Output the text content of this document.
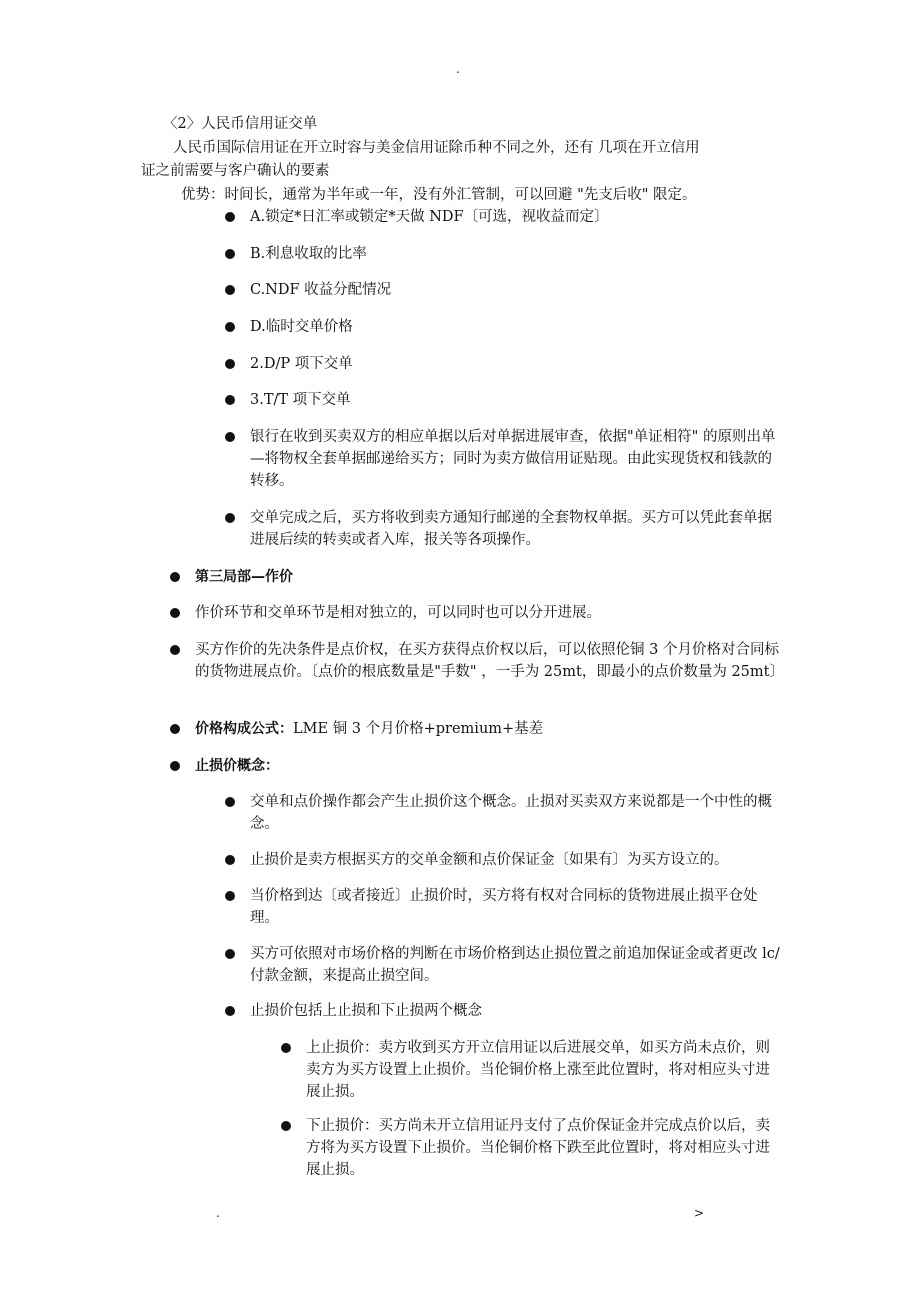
.
〈2〉人民币信用证交单
人民币国际信用证在开立时容与美金信用证除币种不同之外，还有 几项在开立信用
证之前需要与客户确认的要素
优势：时间长，通常为半年或一年，没有外汇管制，可以回避 "先支后收" 限定。
A.锁定*日汇率或锁定*天做 NDF〔可选，视收益而定〕
B.利息收取的比率
C.NDF 收益分配情况
D.临时交单价格
2.D/P 项下交单
3.T/T 项下交单
银行在收到买卖双方的相应单据以后对单据进展审查，依据"单证相符" 的原则出单—将物权全套单据邮递给买方；同时为卖方做信用证贴现。由此实现货权和钱款的转移。
交单完成之后，买方将收到卖方通知行邮递的全套物权单据。买方可以凭此套单据进展后续的转卖或者入库，报关等各项操作。
第三局部—作价
作价环节和交单环节是相对独立的，可以同时也可以分开进展。
买方作价的先决条件是点价权，在买方获得点价权以后，可以依照伦铜 3 个月价格对合同标的货物进展点价。〔点价的根底数量是"手数" ，一手为 25mt，即最小的点价数量为 25mt〕
价格构成公式：LME 铜 3 个月价格+premium+基差
止损价概念：
交单和点价操作都会产生止损价这个概念。止损对买卖双方来说都是一个中性的概念。
止损价是卖方根据买方的交单金额和点价保证金〔如果有〕为买方设立的。
当价格到达〔或者接近〕止损价时，买方将有权对合同标的货物进展止损平仓处理。
买方可依照对市场价格的判断在市场价格到达止损位置之前追加保证金或者更改 lc/付款金额，来提高止损空间。
止损价包括上止损和下止损两个概念
上止损价：卖方收到买方开立信用证以后进展交单，如买方尚未点价，则卖方为买方设置上止损价。当伦铜价格上涨至此位置时，将对相应头寸进展止损。
下止损价：买方尚未开立信用证丹支付了点价保证金并完成点价以后，卖方将为买方设置下止损价。当伦铜价格下跌至此位置时，将对相应头寸进展止损。
.	>
